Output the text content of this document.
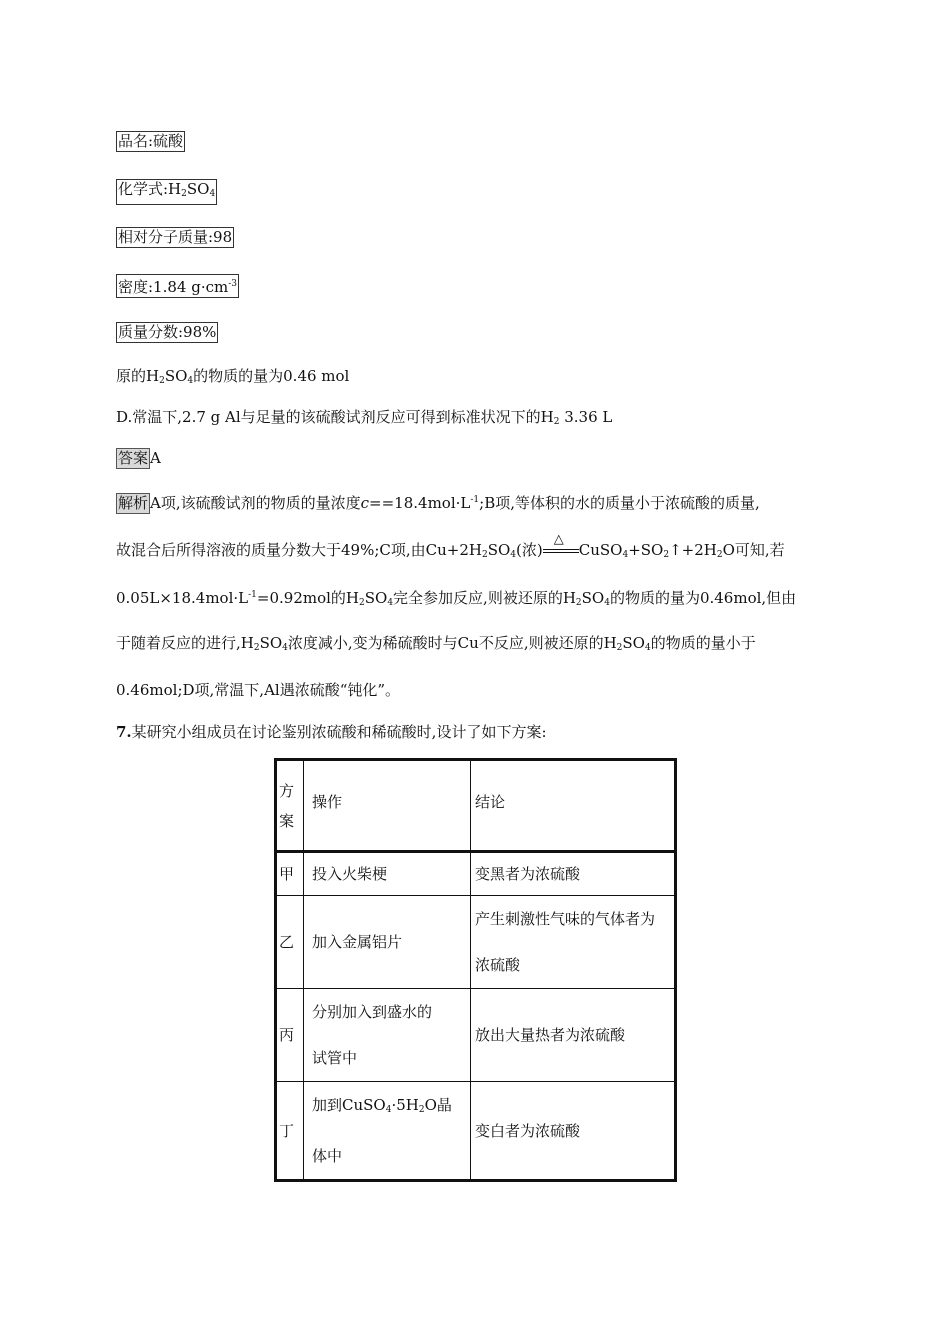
品名:硫酸
化学式$:H_2SO_4$
相对分子质量:98
密度:1.84 $g\cdot cm^{-3}$
质量分数:98%
原的$H_2SO_4$的物质的量为0.46 mol
D.常温下,2.7 g Al与足量的该硫酸试剂反应可得到标准状况下的$H_2$ 3.36 L
答案 A
解析 A项,该硫酸试剂的物质的量浓度$c==18.4mol\cdot L^{-1};B$项,等体积的水的质量小于浓硫酸的质量,
故混合后所得溶液的质量分数大于49%;C项,由$Cu+2H_2SO_4$(浓)
△
$CuSO_4+SO_2↑+2H_2O$可知,若
$0.05L\times 18.4mol\cdot L^{-1}=0.92mol$的$H_2SO_4$完全参加反应,则被还原的$H_2SO_4$的物质的量为0.46mol,但由
于随着反应的进行$,H_2SO_4$浓度减小,变为稀硫酸时与Cu不反应,则被还原的$H_2SO_4$的物质的量小于
0.46mol;D项,常温下,Al遇浓硫酸“钝化”。
7.某研究小组成员在讨论鉴别浓硫酸和稀硫酸时,设计了如下方案:
方
案	操作	结论
甲	投入火柴梗	变黑者为浓硫酸
乙	加入金属铝片	产生刺激性气味的气体者为
浓硫酸
丙	分别加入到盛水的
试管中	放出大量热者为浓硫酸
丁	加到$CuSO_4\cdot 5H_2O$晶
体中	变白者为浓硫酸
